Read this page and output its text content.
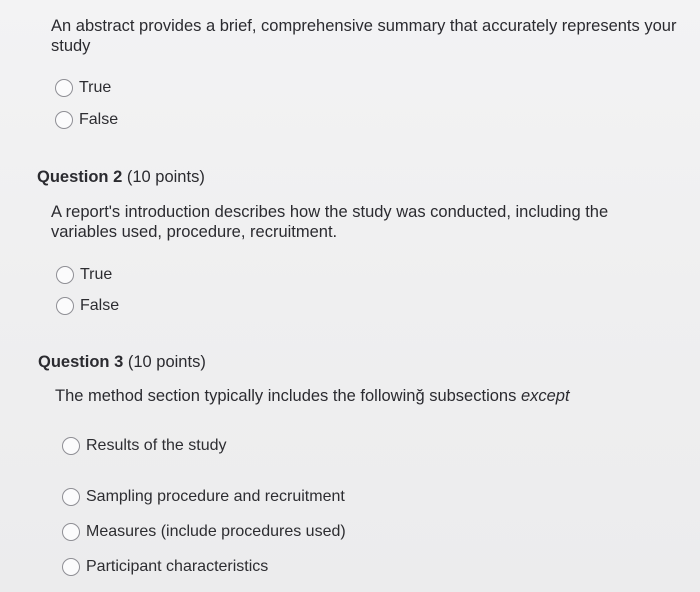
An abstract provides a brief, comprehensive summary that accurately represents your study
True
False
Question 2 (10 points)
A report's introduction describes how the study was conducted, including the variables used, procedure, recruitment.
True
False
Question 3 (10 points)
The method section typically includes the followinğ subsections except
Results of the study
Sampling procedure and recruitment
Measures (include procedures used)
Participant characteristics
